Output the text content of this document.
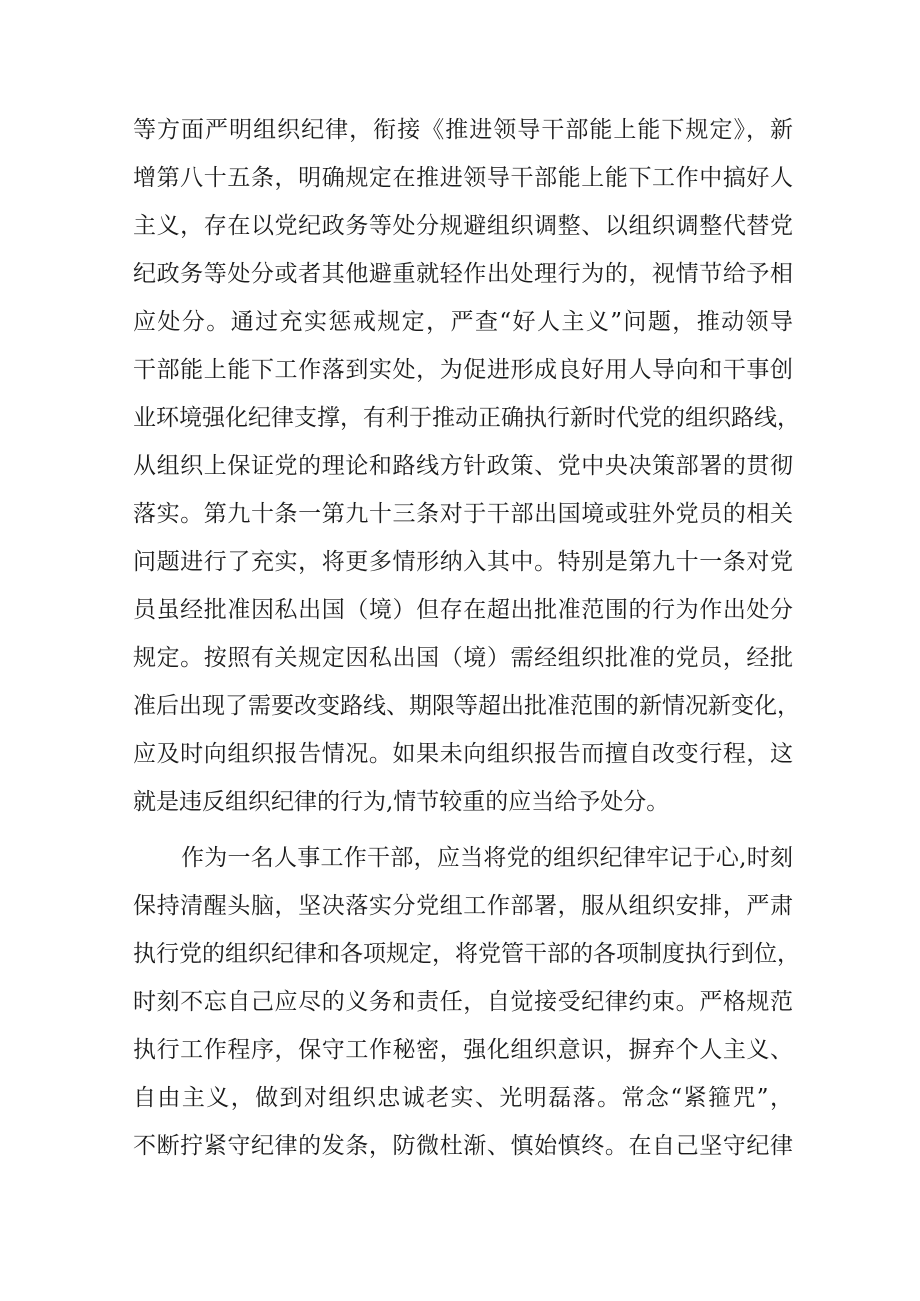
等方面严明组织纪律，衔接《推进领导干部能上能下规定》，新
增第八十五条，明确规定在推进领导干部能上能下工作中搞好人
主义，存在以党纪政务等处分规避组织调整、以组织调整代替党
纪政务等处分或者其他避重就轻作出处理行为的，视情节给予相
应处分。通过充实惩戒规定，严查“好人主义”问题，推动领导
干部能上能下工作落到实处，为促进形成良好用人导向和干事创
业环境强化纪律支撑，有利于推动正确执行新时代党的组织路线，
从组织上保证党的理论和路线方针政策、党中央决策部署的贯彻
落实。第九十条一第九十三条对于干部出国境或驻外党员的相关
问题进行了充实，将更多情形纳入其中。特别是第九十一条对党
员虽经批准因私出国（境）但存在超出批准范围的行为作出处分
规定。按照有关规定因私出国（境）需经组织批准的党员，经批
准后出现了需要改变路线、期限等超出批准范围的新情况新变化，
应及时向组织报告情况。如果未向组织报告而擅自改变行程，这
就是违反组织纪律的行为,情节较重的应当给予处分。
作为一名人事工作干部，应当将党的组织纪律牢记于心,时刻
保持清醒头脑，坚决落实分党组工作部署，服从组织安排，严肃
执行党的组织纪律和各项规定，将党管干部的各项制度执行到位，
时刻不忘自己应尽的义务和责任，自觉接受纪律约束。严格规范
执行工作程序，保守工作秘密，强化组织意识，摒弃个人主义、
自由主义，做到对组织忠诚老实、光明磊落。常念“紧箍咒”，
不断拧紧守纪律的发条，防微杜渐、慎始慎终。在自己坚守纪律
